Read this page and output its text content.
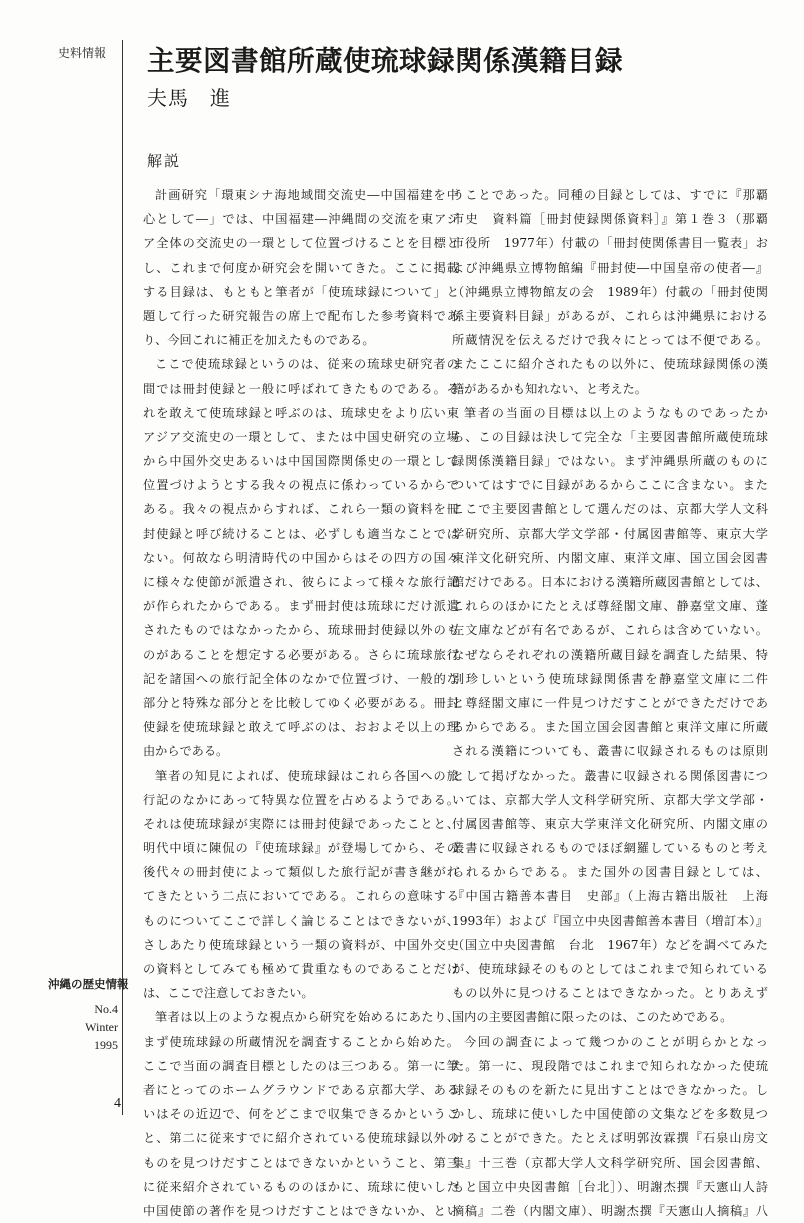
史料情報 主要図書館所蔵使琉球録関係漢籍目録
夫馬　進
解説
計画研究「環東シナ海地域間交流史―中国福建を中
心として―」では、中国福建―沖縄間の交流を東アジ
ア全体の交流史の一環として位置づけることを目標と
し、これまで何度か研究会を開いてきた。ここに掲載
する目録は、もともと筆者が「使琉球録について」と
題して行った研究報告の席上で配布した参考資料であ
り、今回これに補正を加えたものである。
ここで使琉球録というのは、従来の琉球史研究者の
間では冊封使録と一般に呼ばれてきたものである。そ
れを敢えて使琉球録と呼ぶのは、琉球史をより広い東
アジア交流史の一環として、または中国史研究の立場
から中国外交史あるいは中国国際関係史の一環として
位置づけようとする我々の視点に係わっているからで
ある。我々の視点からすれば、これら一類の資料を冊
封使録と呼び続けることは、必ずしも適当なことでは
ない。何故なら明清時代の中国からはその四方の国々
に様々な使節が派遣され、彼らによって様々な旅行記
が作られたからである。まず冊封使は琉球にだけ派遣
されたものではなかったから、琉球冊封使録以外のも
のがあることを想定する必要がある。さらに琉球旅行
記を諸国への旅行記全体のなかで位置づけ、一般的な
部分と特殊な部分とを比較してゆく必要がある。冊封
使録を使琉球録と敢えて呼ぶのは、おおよそ以上の理
由からである。
筆者の知見によれば、使琉球録はこれら各国への旅
行記のなかにあって特異な位置を占めるようである。
それは使琉球録が実際には冊封使録であったことと、
明代中頃に陳侃の『使琉球録』が登場してから、その
後代々の冊封使によって類似した旅行記が書き継がれ
てきたという二点においてである。これらの意味する
ものについてここで詳しく論じることはできないが、
さしあたり使琉球録という一類の資料が、中国外交史
の資料としてみても極めて貴重なものであることだけ
は、ここで注意しておきたい。
筆者は以上のような視点から研究を始めるにあたり、
まず使琉球録の所蔵情況を調査することから始めた。
ここで当面の調査目標としたのは三つある。第一に筆
者にとってのホームグラウンドである京都大学、ある
いはその近辺で、何をどこまで収集できるかというこ
と、第二に従来すでに紹介されている使琉球録以外の
ものを見つけだすことはできないかということ、第三
に従来紹介されているもののほかに、琉球に使いした
中国使節の著作を見つけだすことはできないか、とい
うことであった。同種の目録としては、すでに『那覇
市史　資料篇［冊封使録関係資料］』第１巻３（那覇
市役所　1977年）付載の「冊封使関係書目一覧表」お
よび沖縄県立博物館編『冊封使―中国皇帝の使者―』
（沖縄県立博物館友の会　1989年）付載の「冊封使関
係主要資料目録」があるが、これらは沖縄県における
所蔵情況を伝えるだけで我々にとっては不便である。
またここに紹介されたもの以外に、使琉球録関係の漢
籍があるかも知れない、と考えた。
筆者の当面の目標は以上のようなものであったか
ら、この目録は決して完全な「主要図書館所蔵使琉球
録関係漢籍目録」ではない。まず沖縄県所蔵のものに
ついてはすでに目録があるからここに含まない。また
ここで主要図書館として選んだのは、京都大学人文科
学研究所、京都大学文学部・付属図書館等、東京大学
東洋文化研究所、内閣文庫、東洋文庫、国立国会図書
館だけである。日本における漢籍所蔵図書館としては、
これらのほかにたとえば尊経閣文庫、静嘉堂文庫、蓬
左文庫などが有名であるが、これらは含めていない。
なぜならそれぞれの漢籍所蔵目録を調査した結果、特
別珍しいという使琉球録関係書を静嘉堂文庫に二件
と尊経閣文庫に一件見つけだすことができただけであ
るからである。また国立国会図書館と東洋文庫に所蔵
される漢籍についても、叢書に収録されるものは原則
として掲げなかった。叢書に収録される関係図書につ
いては、京都大学人文科学研究所、京都大学文学部・
付属図書館等、東京大学東洋文化研究所、内閣文庫の
叢書に収録されるものでほぼ網羅しているものと考え
られるからである。また国外の図書目録としては、
『中国古籍善本書目　史部』（上海古籍出版社　上海
1993年）および『国立中央図書館善本書目（増訂本）』
（国立中央図書館　台北　1967年）などを調べてみた
が、使琉球録そのものとしてはこれまで知られている
もの以外に見つけることはできなかった。とりあえず
国内の主要図書館に限ったのは、このためである。
今回の調査によって幾つかのことが明らかとなっ
た。第一に、現段階ではこれまで知られなかった使琉
球録そのものを新たに見出すことはできなかった。し
かし、琉球に使いした中国使節の文集などを多数見つ
けることができた。たとえば明郭汝霖撰『石泉山房文
集』十三巻（京都大学人文科学研究所、国会図書館、
もと国立中央図書館［台北］）、明謝杰撰『天憲山人詩
摘稿』二巻（内閣文庫）、明謝杰撰『天憲山人摘稿』八
沖縄の歴史情報
No.4
Winter
1995
4
